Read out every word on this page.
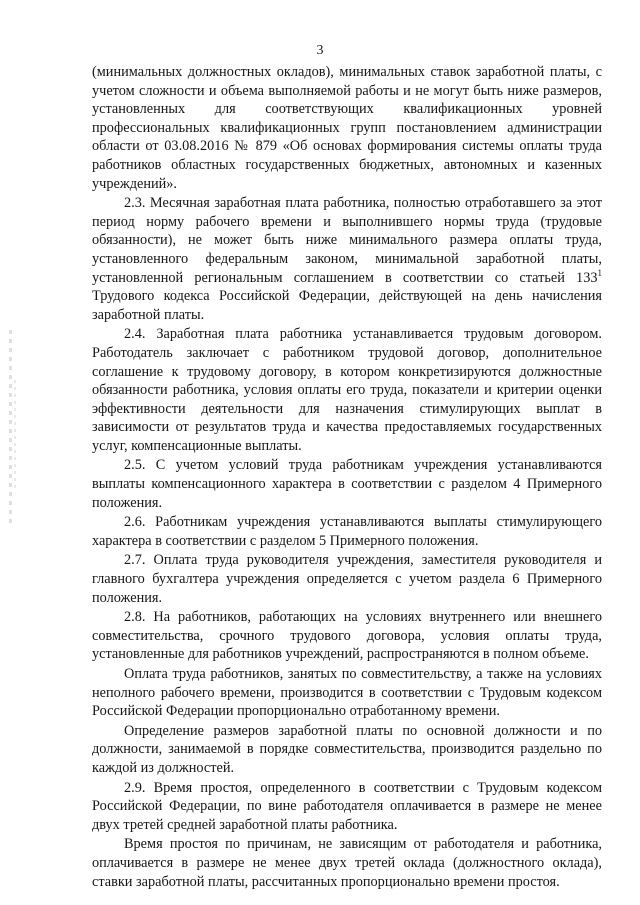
3

(минимальных должностных окладов), минимальных ставок заработной платы, с учетом сложности и объема выполняемой работы и не могут быть ниже размеров, установленных для соответствующих квалификационных уровней профессиональных квалификационных групп постановлением администрации области от 03.08.2016 № 879 «Об основах формирования системы оплаты труда работников областных государственных бюджетных, автономных и казенных учреждений».

2.3. Месячная заработная плата работника, полностью отработавшего за этот период норму рабочего времени и выполнившего нормы труда (трудовые обязанности), не может быть ниже минимального размера оплаты труда, установленного федеральным законом, минимальной заработной платы, установленной региональным соглашением в соответствии со статьей 133$^1$ Трудового кодекса Российской Федерации, действующей на день начисления заработной платы.

2.4. Заработная плата работника устанавливается трудовым договором. Работодатель заключает с работником трудовой договор, дополнительное соглашение к трудовому договору, в котором конкретизируются должностные обязанности работника, условия оплаты его труда, показатели и критерии оценки эффективности деятельности для назначения стимулирующих выплат в зависимости от результатов труда и качества предоставляемых государственных услуг, компенсационные выплаты.

2.5. С учетом условий труда работникам учреждения устанавливаются выплаты компенсационного характера в соответствии с разделом 4 Примерного положения.

2.6. Работникам учреждения устанавливаются выплаты стимулирующего характера в соответствии с разделом 5 Примерного положения.

2.7. Оплата труда руководителя учреждения, заместителя руководителя и главного бухгалтера учреждения определяется с учетом раздела 6 Примерного положения.

2.8. На работников, работающих на условиях внутреннего или внешнего совместительства, срочного трудового договора, условия оплаты труда, установленные для работников учреждений, распространяются в полном объеме.

Оплата труда работников, занятых по совместительству, а также на условиях неполного рабочего времени, производится в соответствии с Трудовым кодексом Российской Федерации пропорционально отработанному времени.

Определение размеров заработной платы по основной должности и по должности, занимаемой в порядке совместительства, производится раздельно по каждой из должностей.

2.9. Время простоя, определенного в соответствии с Трудовым кодексом Российской Федерации, по вине работодателя оплачивается в размере не менее двух третей средней заработной платы работника.

Время простоя по причинам, не зависящим от работодателя и работника, оплачивается в размере не менее двух третей оклада (должностного оклада), ставки заработной платы, рассчитанных пропорционально времени простоя.
